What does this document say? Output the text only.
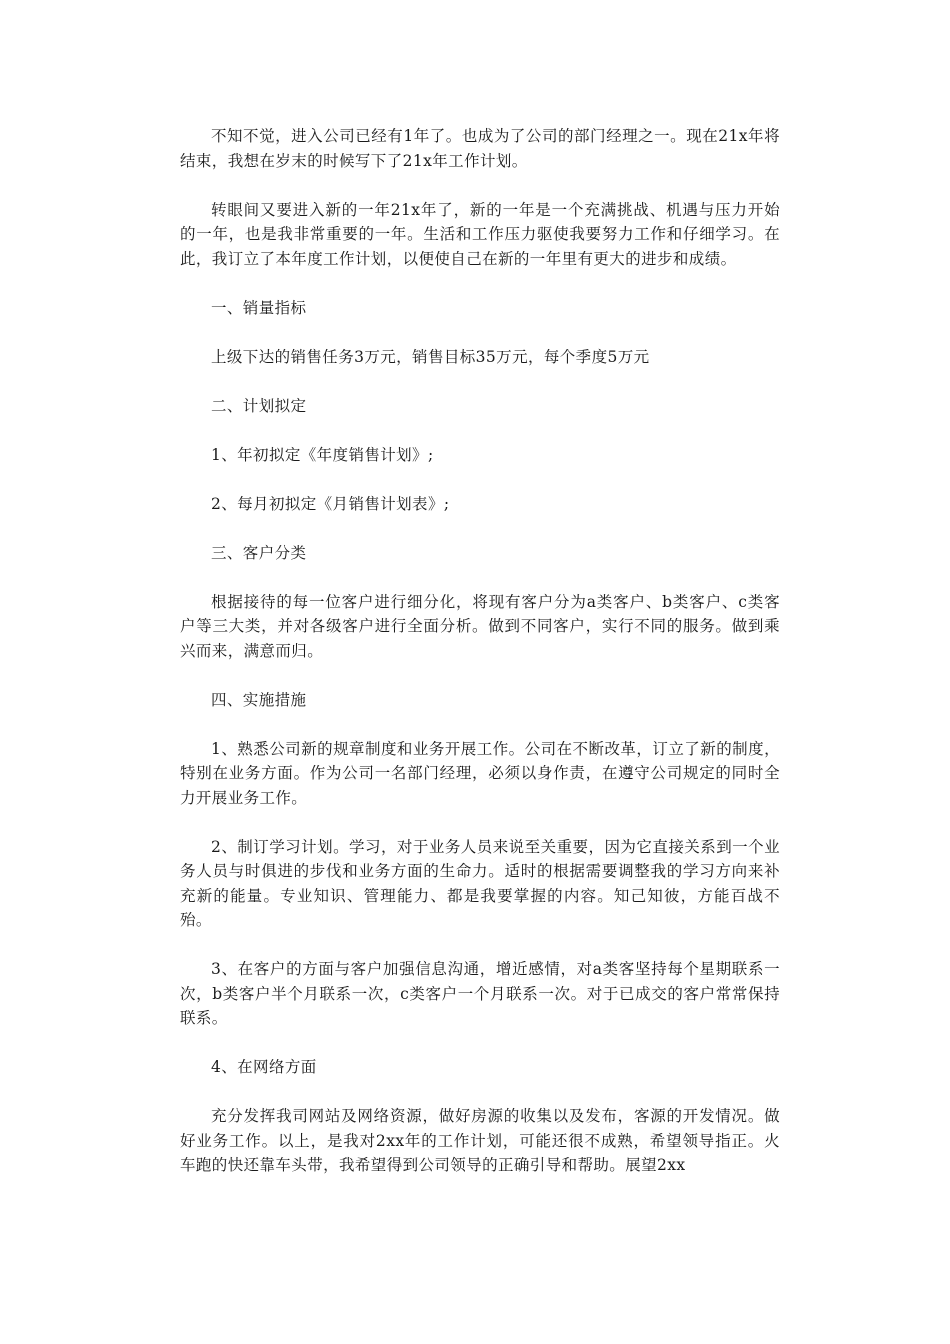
不知不觉，进入公司已经有1年了。也成为了公司的部门经理之一。现在21x年将结束，我想在岁末的时候写下了21x年工作计划。

转眼间又要进入新的一年21x年了，新的一年是一个充满挑战、机遇与压力开始的一年，也是我非常重要的一年。生活和工作压力驱使我要努力工作和仔细学习。在此，我订立了本年度工作计划，以便使自己在新的一年里有更大的进步和成绩。

一、销量指标

上级下达的销售任务3万元，销售目标35万元，每个季度5万元

二、计划拟定

1、年初拟定《年度销售计划》;

2、每月初拟定《月销售计划表》;

三、客户分类

根据接待的每一位客户进行细分化，将现有客户分为a类客户、b类客户、c类客户等三大类，并对各级客户进行全面分析。做到不同客户，实行不同的服务。做到乘兴而来，满意而归。

四、实施措施

1、熟悉公司新的规章制度和业务开展工作。公司在不断改革，订立了新的制度，特别在业务方面。作为公司一名部门经理，必须以身作责，在遵守公司规定的同时全力开展业务工作。

2、制订学习计划。学习，对于业务人员来说至关重要，因为它直接关系到一个业务人员与时俱进的步伐和业务方面的生命力。适时的根据需要调整我的学习方向来补充新的能量。专业知识、管理能力、都是我要掌握的内容。知己知彼，方能百战不殆。

3、在客户的方面与客户加强信息沟通，增近感情，对a类客坚持每个星期联系一次，b类客户半个月联系一次，c类客户一个月联系一次。对于已成交的客户常常保持联系。

4、在网络方面

充分发挥我司网站及网络资源，做好房源的收集以及发布，客源的开发情况。做好业务工作。以上，是我对2xx年的工作计划，可能还很不成熟，希望领导指正。火车跑的快还靠车头带，我希望得到公司领导的正确引导和帮助。展望2xx
